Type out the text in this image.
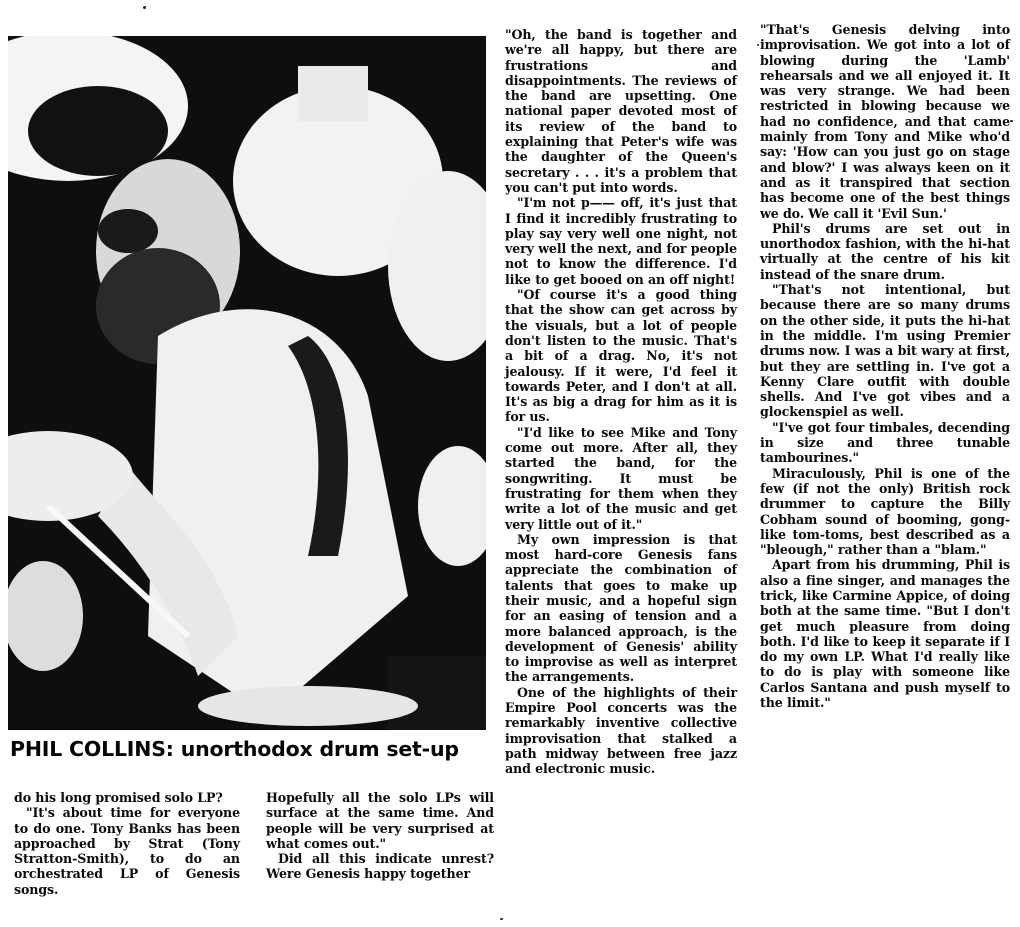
PHIL COLLINS: unorthodox drum set-up

do his long promised solo LP?

"It's about time for everyone to do one. Tony Banks has been approached by Strat (Tony Stratton-Smith), to do an orchestrated LP of Genesis songs.

Hopefully all the solo LPs will surface at the same time. And people will be very surprised at what comes out."

Did all this indicate unrest? Were Genesis happy together

"Oh, the band is together and we're all happy, but there are frustrations and disappointments. The reviews of the band are upsetting. One national paper devoted most of its review of the band to explaining that Peter's wife was the daughter of the Queen's secretary . . . it's a problem that you can't put into words.

"I'm not p—— off, it's just that I find it incredibly frustrating to play say very well one night, not very well the next, and for people not to know the difference. I'd like to get booed on an off night!

"Of course it's a good thing that the show can get across by the visuals, but a lot of people don't listen to the music. That's a bit of a drag. No, it's not jealousy. If it were, I'd feel it towards Peter, and I don't at all. It's as big a drag for him as it is for us.

"I'd like to see Mike and Tony come out more. After all, they started the band, for the songwriting. It must be frustrating for them when they write a lot of the music and get very little out of it."

My own impression is that most hard-core Genesis fans appreciate the combination of talents that goes to make up their music, and a hopeful sign for an easing of tension and a more balanced approach, is the development of Genesis' ability to improvise as well as interpret the arrangements.

One of the highlights of their Empire Pool concerts was the remarkably inventive collective improvisation that stalked a path midway between free jazz and electronic music.

"That's Genesis delving into improvisation. We got into a lot of blowing during the 'Lamb' rehearsals and we all enjoyed it. It was very strange. We had been restricted in blowing because we had no confidence, and that came mainly from Tony and Mike who'd say: 'How can you just go on stage and blow?' I was always keen on it and as it transpired that section has become one of the best things we do. We call it 'Evil Sun.'

Phil's drums are set out in unorthodox fashion, with the hi-hat virtually at the centre of his kit instead of the snare drum.

"That's not intentional, but because there are so many drums on the other side, it puts the hi-hat in the middle. I'm using Premier drums now. I was a bit wary at first, but they are settling in. I've got a Kenny Clare outfit with double shells. And I've got vibes and a glockenspiel as well.

"I've got four timbales, decending in size and three tunable tambourines."

Miraculously, Phil is one of the few (if not the only) British rock drummer to capture the Billy Cobham sound of booming, gong-like tom-toms, best described as a "bleough," rather than a "blam."

Apart from his drumming, Phil is also a fine singer, and manages the trick, like Carmine Appice, of doing both at the same time. "But I don't get much pleasure from doing both. I'd like to keep it separate if I do my own LP. What I'd really like to do is play with someone like Carlos Santana and push myself to the limit."
